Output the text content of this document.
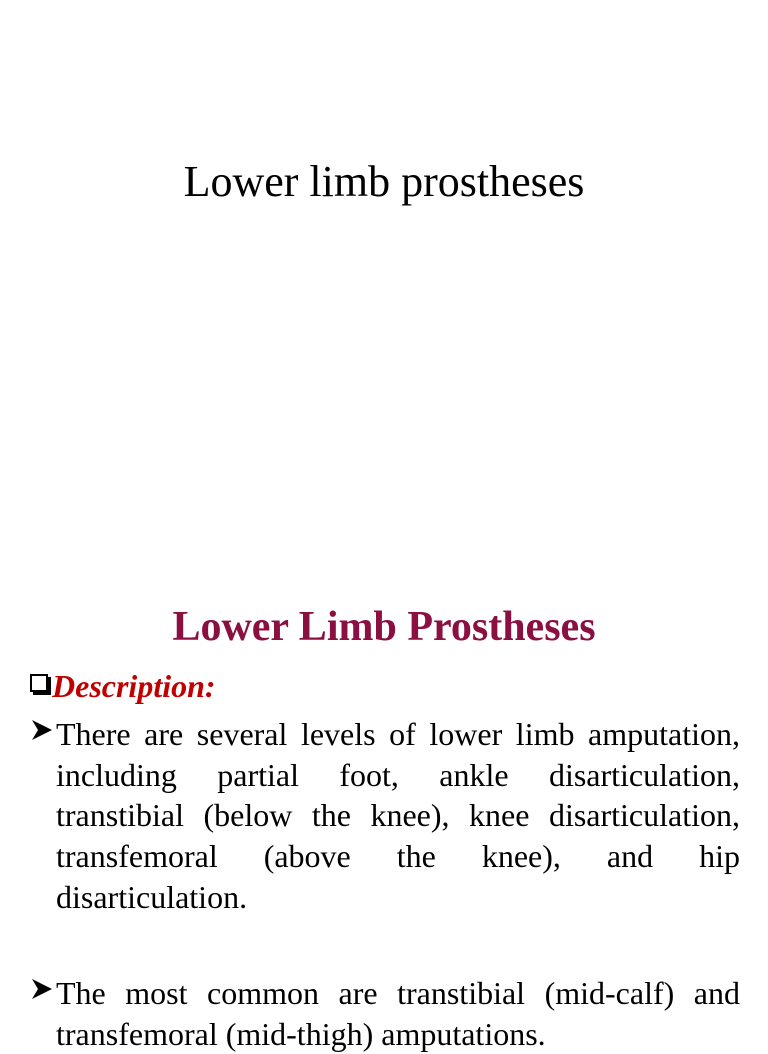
Lower limb prostheses
Lower Limb Prostheses
Description:

There are several levels of lower limb amputation, including partial foot, ankle disarticulation, transtibial (below the knee), knee disarticulation, transfemoral (above the knee), and hip disarticulation.

The most common are transtibial (mid-calf) and transfemoral (mid-thigh) amputations.
